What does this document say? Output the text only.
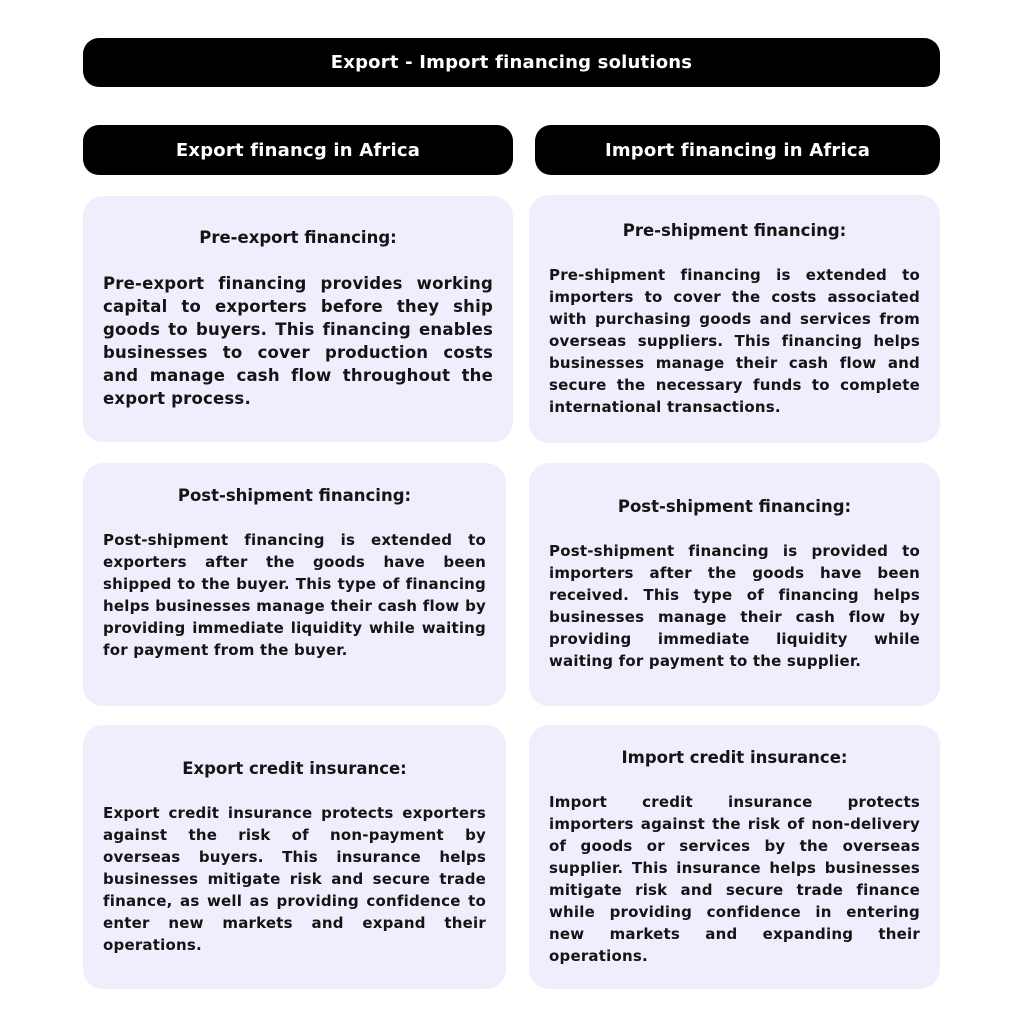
Export - Import financing solutions
Export financg in Africa	Import financing in Africa
Pre-export financing:

Pre-export financing provides working capital to exporters before they ship goods to buyers. This financing enables businesses to cover production costs and manage cash flow throughout the export process.

Post-shipment financing:

Post-shipment financing is extended to exporters after the goods have been shipped to the buyer. This type of financing helps businesses manage their cash flow by providing immediate liquidity while waiting for payment from the buyer.

Export credit insurance:

Export credit insurance protects exporters against the risk of non-payment by overseas buyers. This insurance helps businesses mitigate risk and secure trade finance, as well as providing confidence to enter new markets and expand their operations.

Pre-shipment financing:

Pre-shipment financing is extended to importers to cover the costs associated with purchasing goods and services from overseas suppliers. This financing helps businesses manage their cash flow and secure the necessary funds to complete international transactions.

Post-shipment financing:

Post-shipment financing is provided to importers after the goods have been received. This type of financing helps businesses manage their cash flow by providing immediate liquidity while waiting for payment to the supplier.

Import credit insurance:

Import credit insurance protects importers against the risk of non-delivery of goods or services by the overseas supplier. This insurance helps businesses mitigate risk and secure trade finance while providing confidence in entering new markets and expanding their operations.
